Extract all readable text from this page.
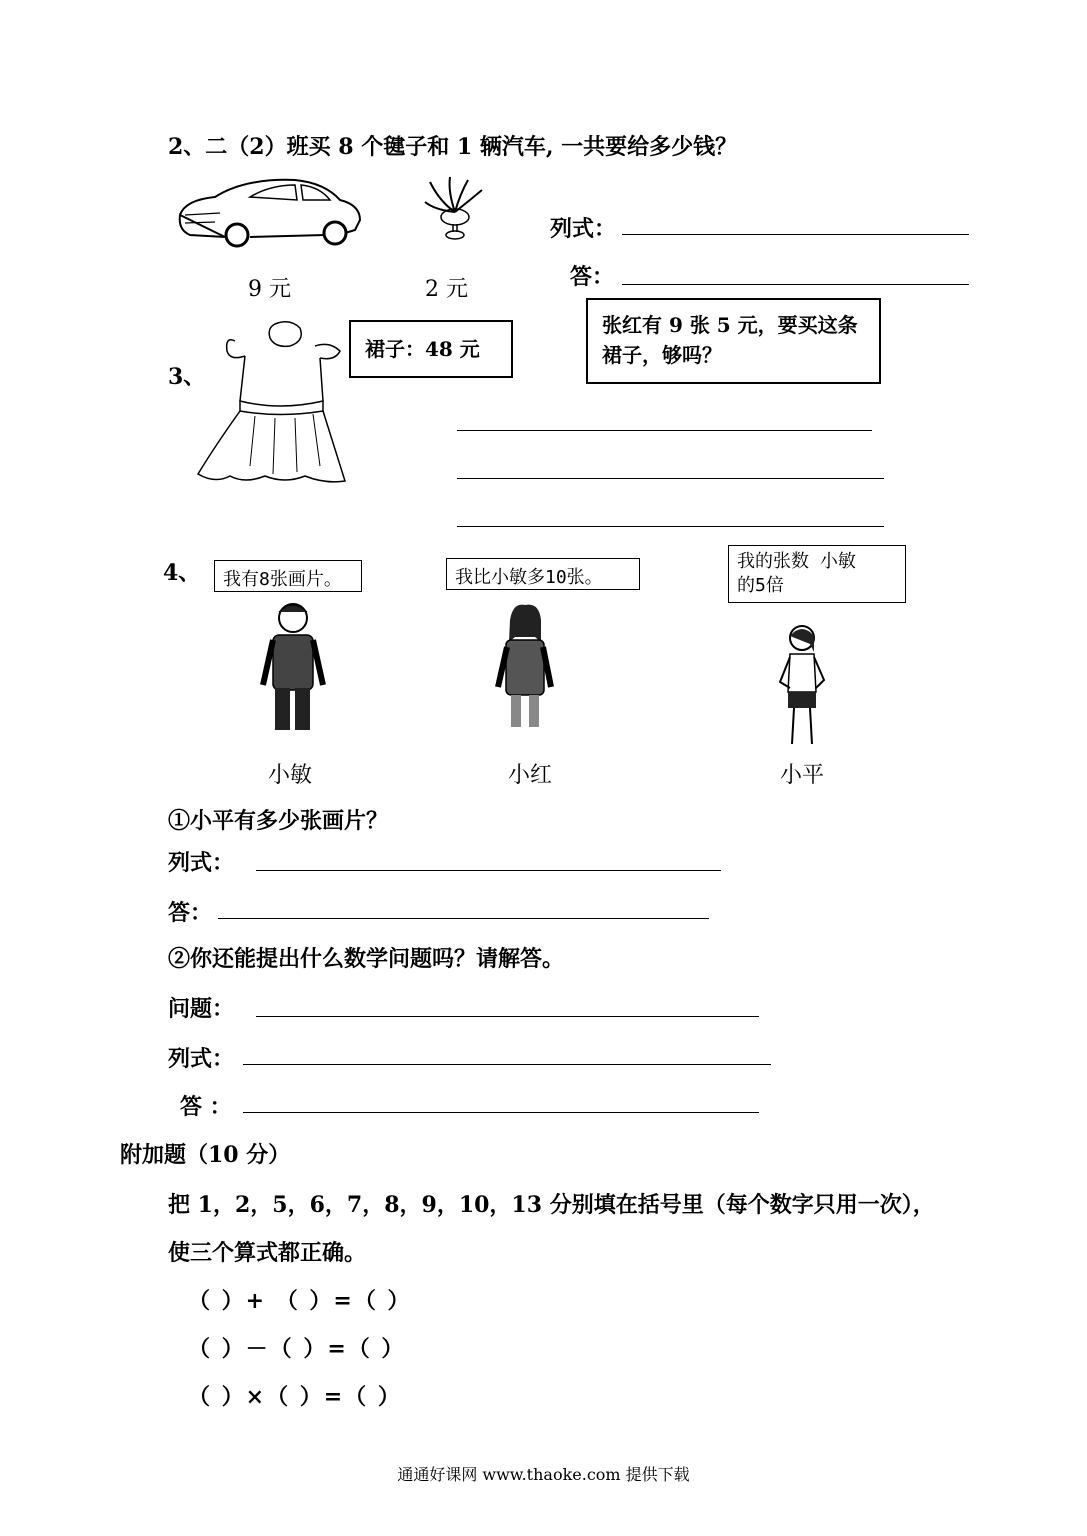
2、二（2）班买 8 个毽子和 1 辆汽车, 一共要给多少钱？
9 元	2 元
列式：
答：
3、
裙子：48 元
张红有 9 张 5 元，要买这条
裙子，够吗？
4、	我有8张画片。	我比小敏多10张。
我的张数 小敏
的5倍
小敏	小红	小平
①小平有多少张画片？
列式：
答：
②你还能提出什么数学问题吗？请解答。
问题：
列式：
答 ：
附加题（10 分）
把 1，2，5，6，7，8，9，10，13 分别填在括号里（每个数字只用一次），
使三个算式都正确。
（ ）+ （ ）=（ ）
（ ）－（ ）=（ ）
（ ）×（ ）=（ ）
通通好课网 www.thaoke.com 提供下载
